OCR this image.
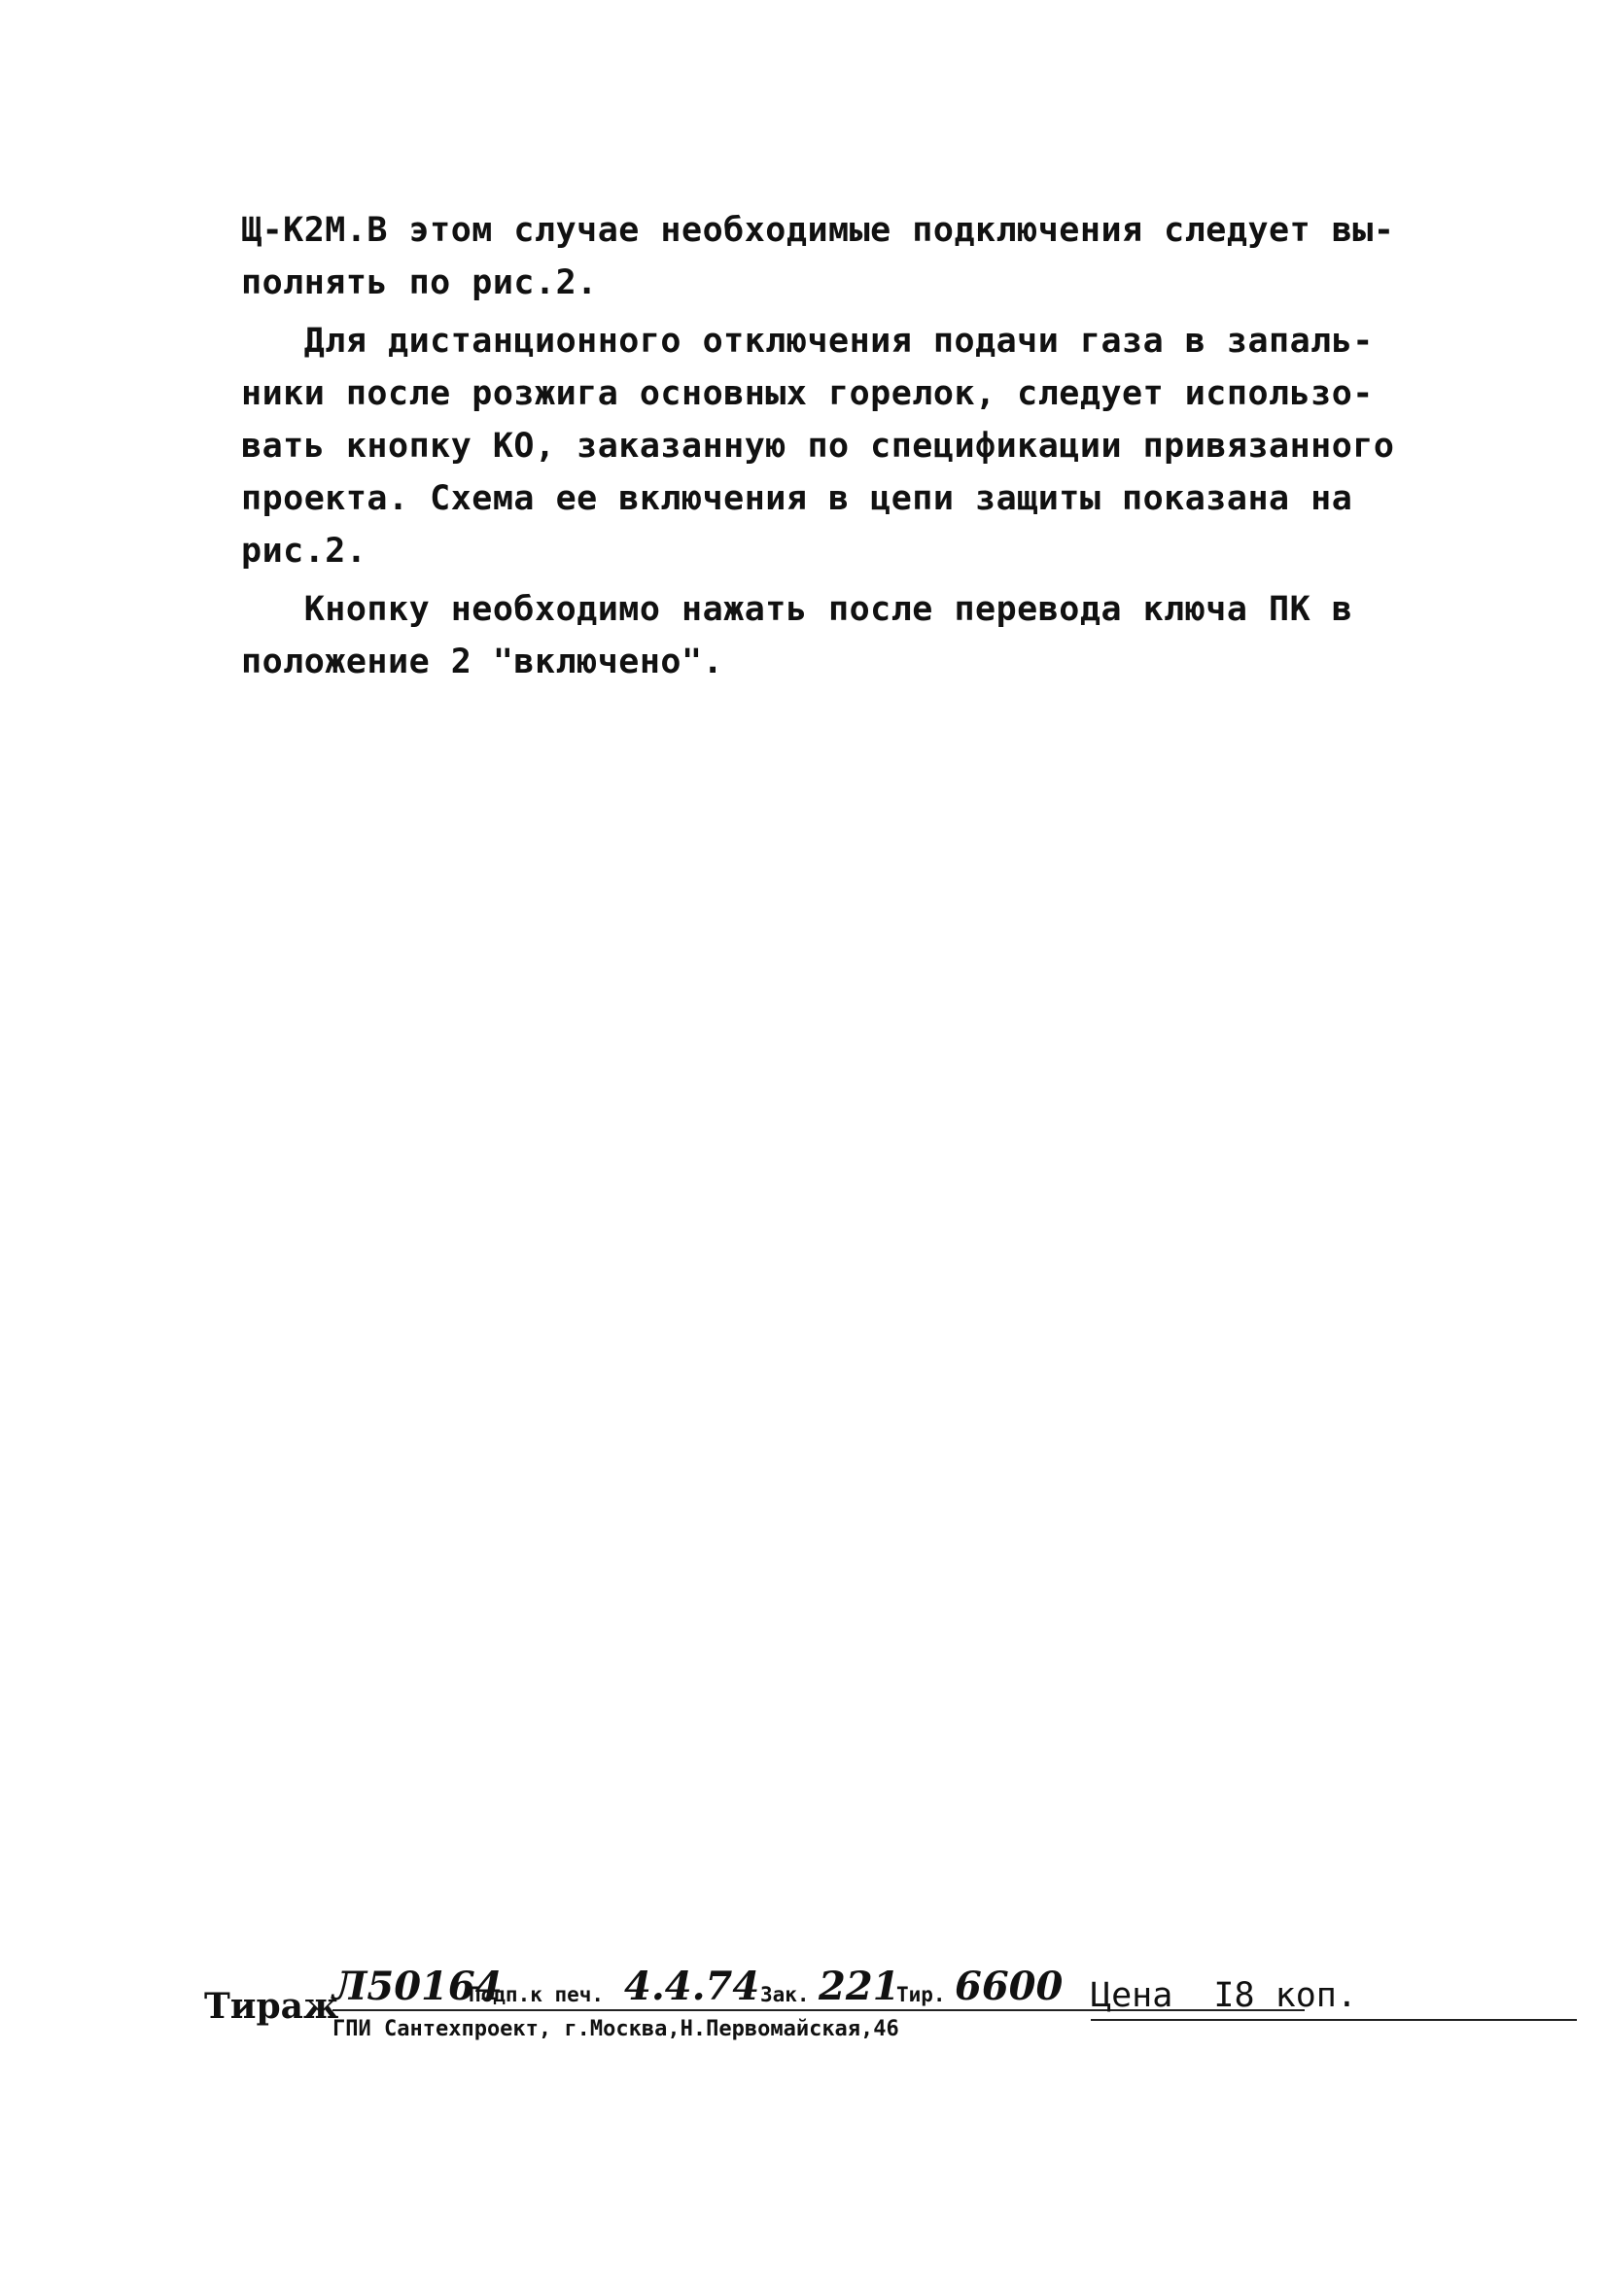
Щ-К2М.В этом случае необходимые подключения следует вы-
полнять по рис.2.
Для дистанционного отключения подачи газа в запаль-
ники после розжига основных горелок, следует использо-
вать кнопку КО, заказанную по спецификации привязанного
проекта. Схема ее включения в цепи защиты показана на
рис.2.
Кнопку необходимо нажать после перевода ключа ПК в
положение 2 "включено".
Тираж
Л50164
Подп.к печ. 4.4.74 Зак. 221
Тир. 6600 Цена  I8 коп.
ГПИ Сантехпроект, г.Москва,Н.Первомайская,46
